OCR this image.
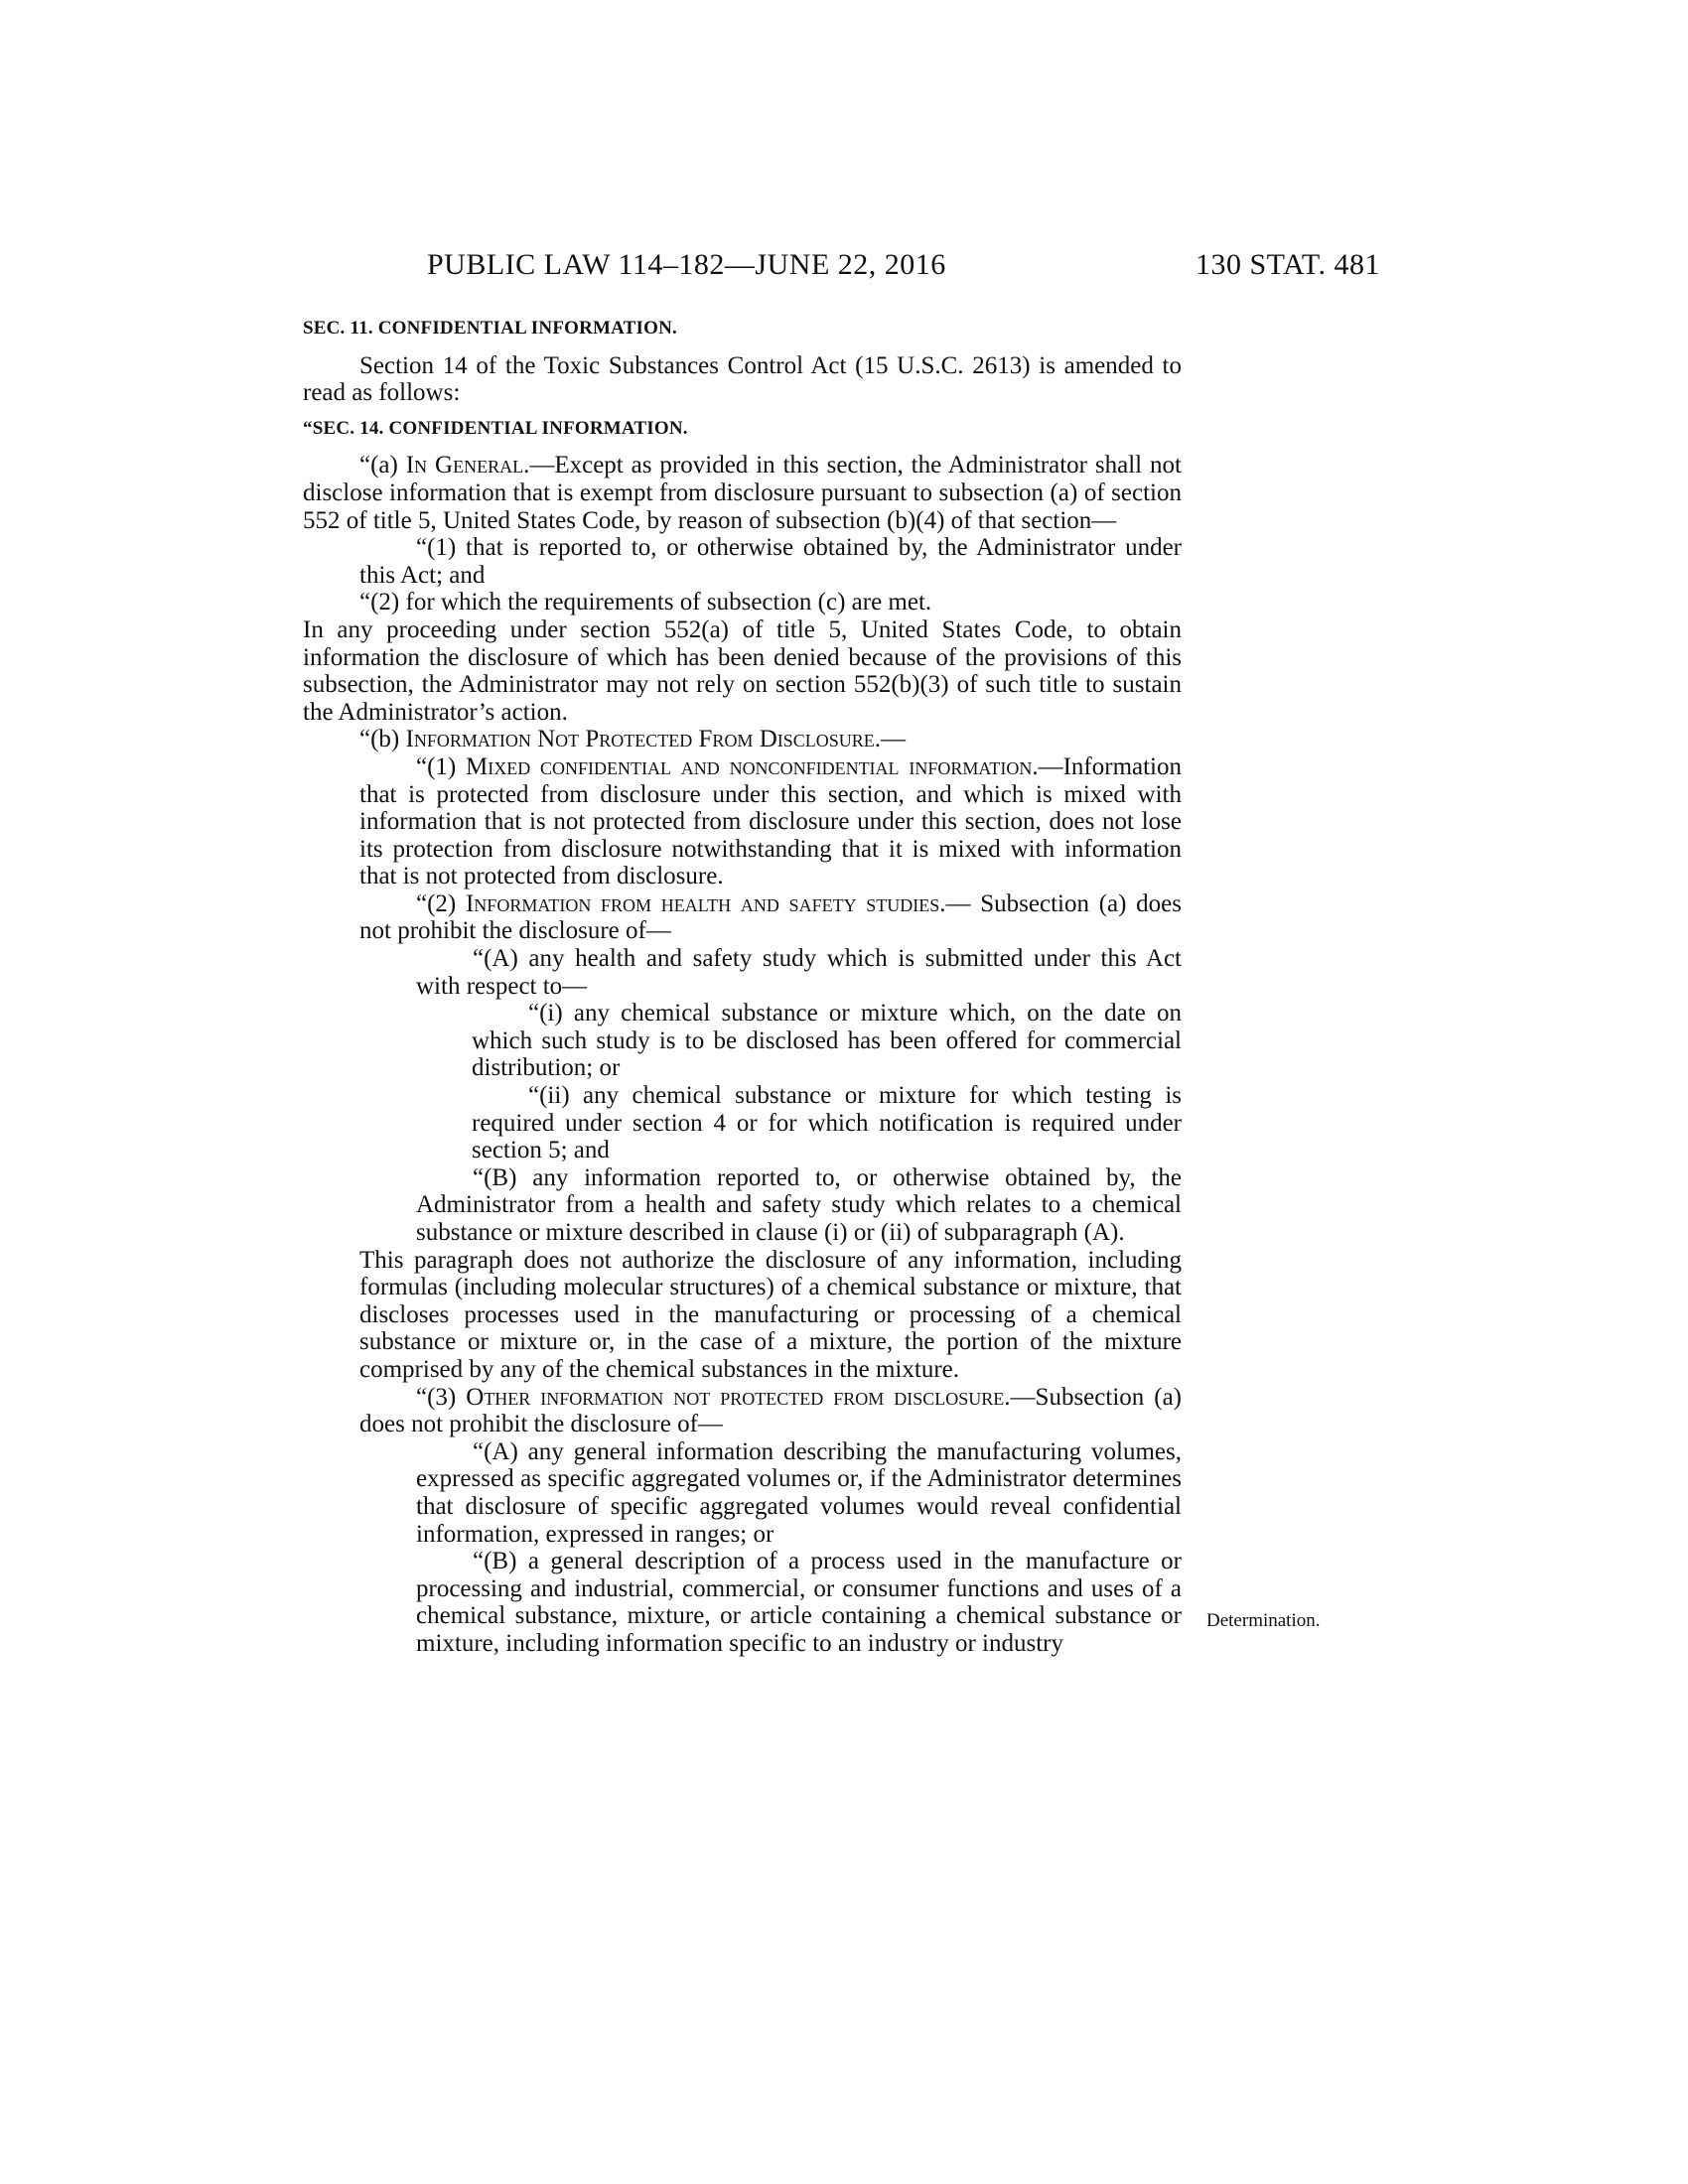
PUBLIC LAW 114–182—JUNE 22, 2016	130 STAT. 481

SEC. 11. CONFIDENTIAL INFORMATION.

Section 14 of the Toxic Substances Control Act (15 U.S.C. 2613) is amended to read as follows:

“SEC. 14. CONFIDENTIAL INFORMATION.

“(a) In General.—Except as provided in this section, the Administrator shall not disclose information that is exempt from disclosure pursuant to subsection (a) of section 552 of title 5, United States Code, by reason of subsection (b)(4) of that section—

“(1) that is reported to, or otherwise obtained by, the Administrator under this Act; and

“(2) for which the requirements of subsection (c) are met.

In any proceeding under section 552(a) of title 5, United States Code, to obtain information the disclosure of which has been denied because of the provisions of this subsection, the Administrator may not rely on section 552(b)(3) of such title to sustain the Administrator’s action.

“(b) Information Not Protected From Disclosure.—

“(1) Mixed confidential and nonconfidential information.—Information that is protected from disclosure under this section, and which is mixed with information that is not protected from disclosure under this section, does not lose its protection from disclosure notwithstanding that it is mixed with information that is not protected from disclosure.

“(2) Information from health and safety studies.— Subsection (a) does not prohibit the disclosure of—

“(A) any health and safety study which is submitted under this Act with respect to—

“(i) any chemical substance or mixture which, on the date on which such study is to be disclosed has been offered for commercial distribution; or

“(ii) any chemical substance or mixture for which testing is required under section 4 or for which notification is required under section 5; and

“(B) any information reported to, or otherwise obtained by, the Administrator from a health and safety study which relates to a chemical substance or mixture described in clause (i) or (ii) of subparagraph (A).

This paragraph does not authorize the disclosure of any information, including formulas (including molecular structures) of a chemical substance or mixture, that discloses processes used in the manufacturing or processing of a chemical substance or mixture or, in the case of a mixture, the portion of the mixture comprised by any of the chemical substances in the mixture.

“(3) Other information not protected from disclosure.—Subsection (a) does not prohibit the disclosure of—

“(A) any general information describing the manufacturing volumes, expressed as specific aggregated volumes or, if the Administrator determines that disclosure of specific aggregated volumes would reveal confidential information, expressed in ranges; or

“(B) a general description of a process used in the manufacture or processing and industrial, commercial, or consumer functions and uses of a chemical substance, mixture, or article containing a chemical substance or mixture, including information specific to an industry or industry

Determination.
